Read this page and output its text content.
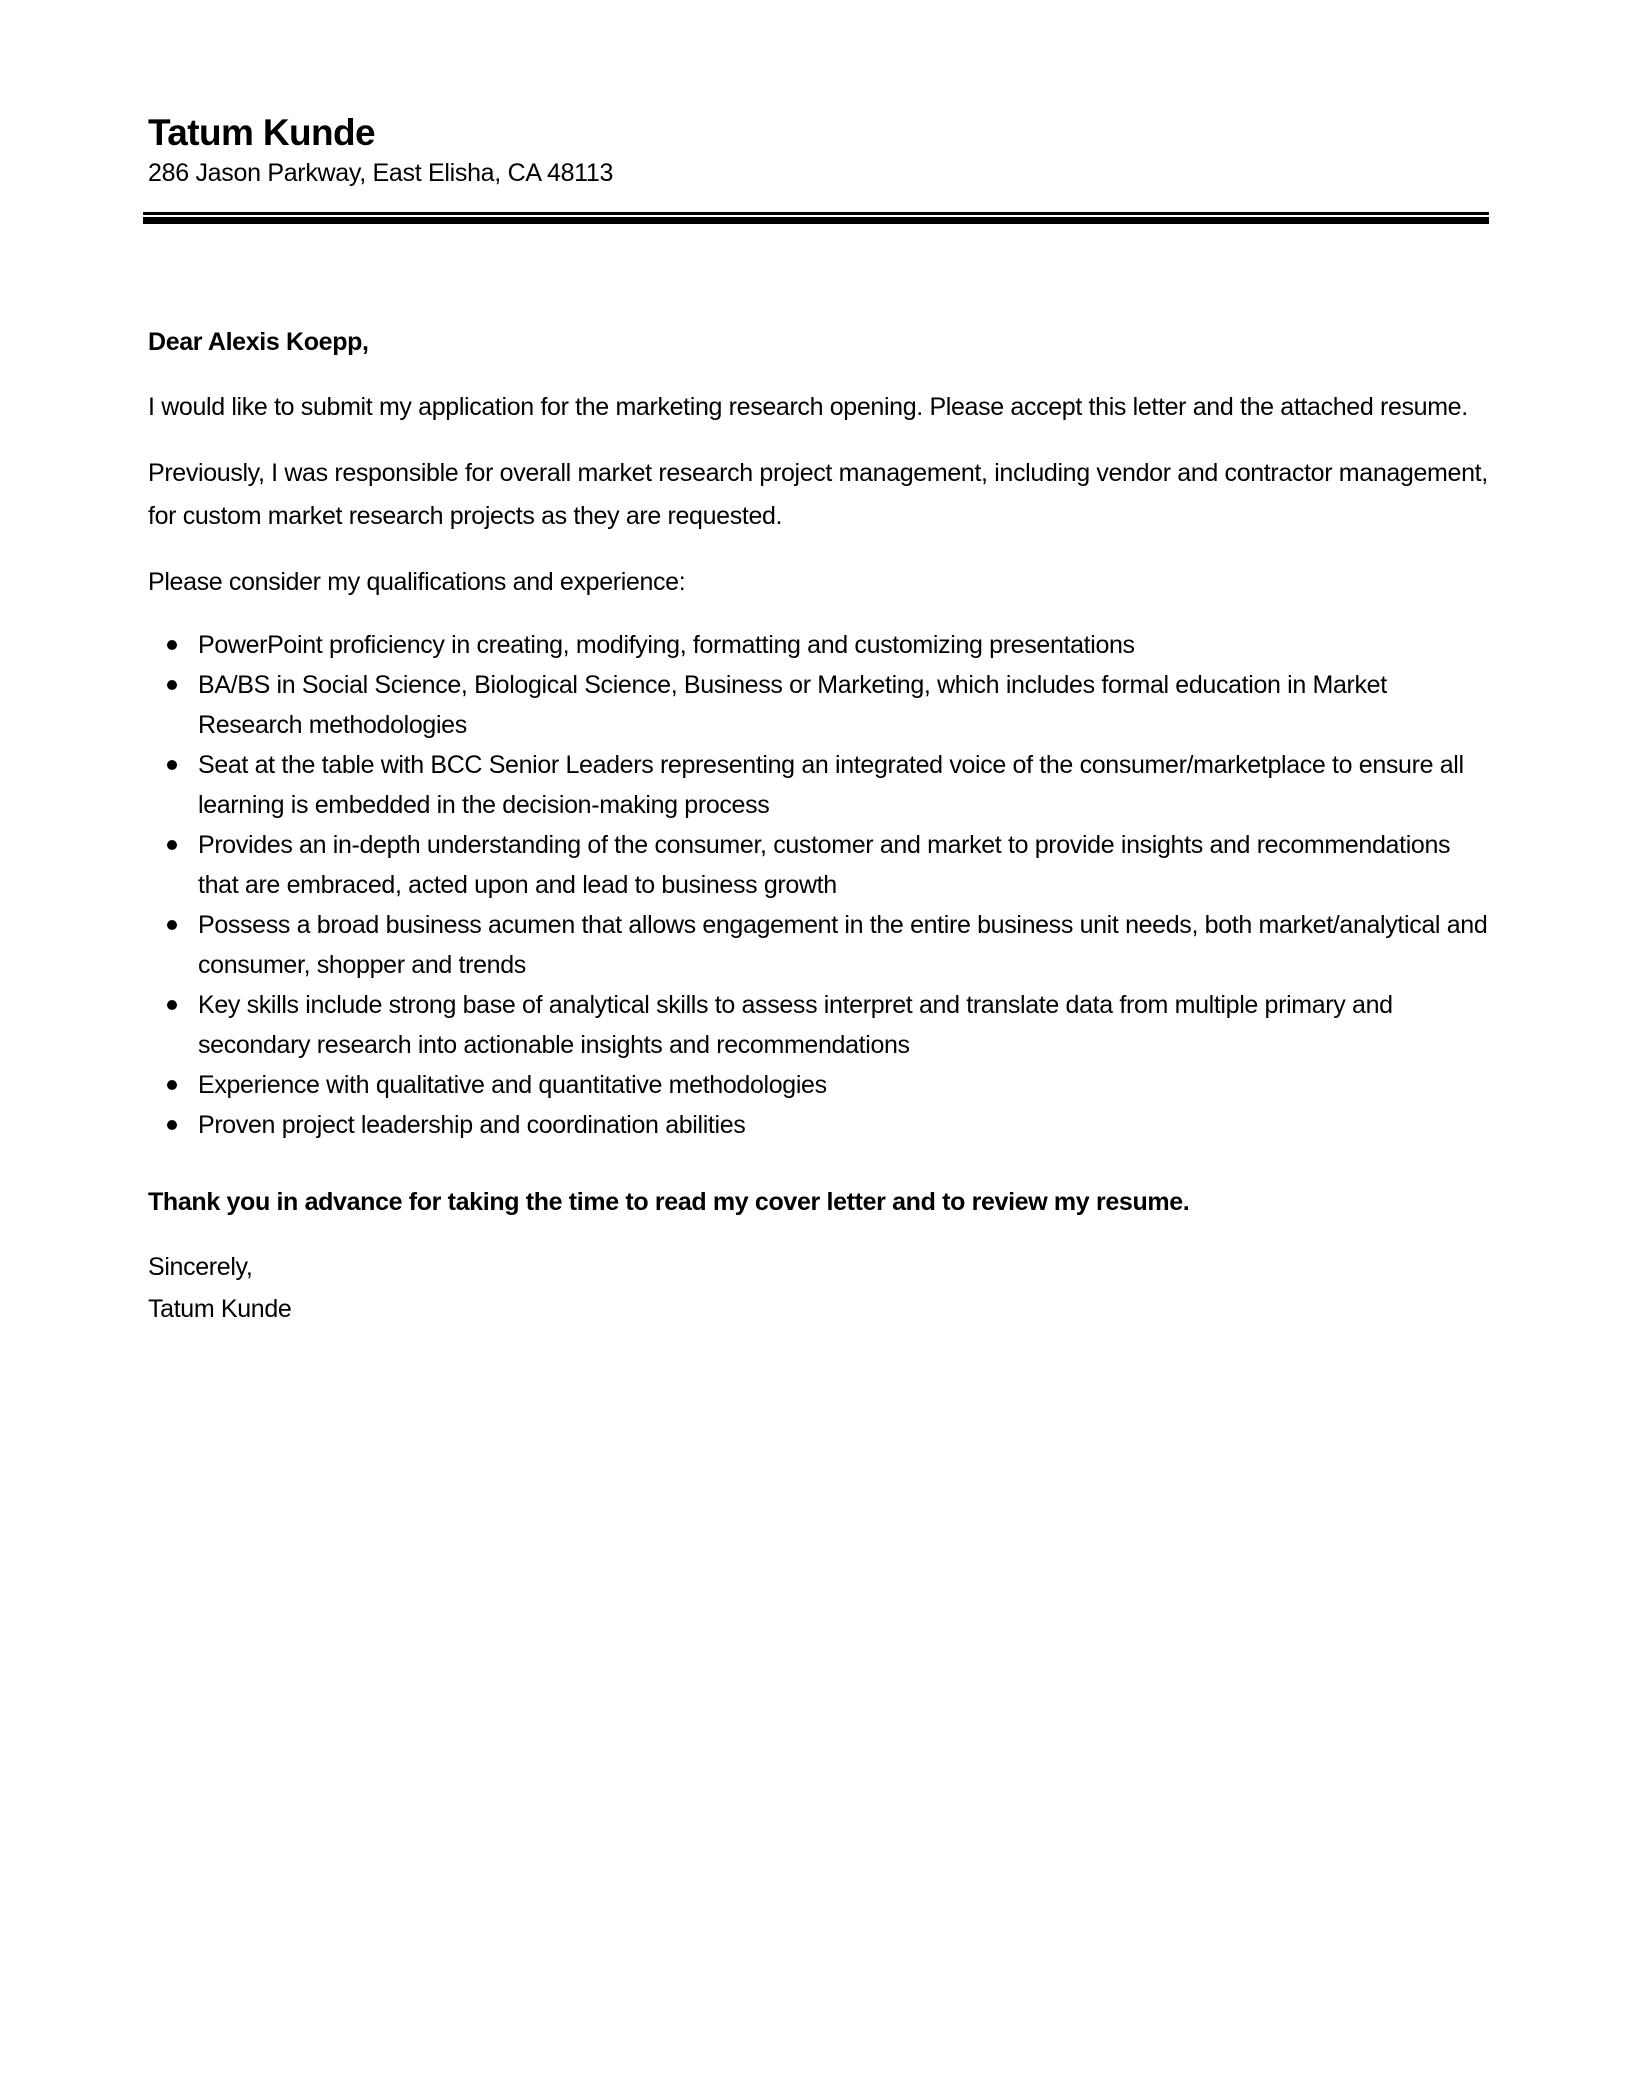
Tatum Kunde

286 Jason Parkway, East Elisha, CA 48113

Dear Alexis Koepp,

I would like to submit my application for the marketing research opening. Please accept this letter and the attached resume.

Previously, I was responsible for overall market research project management, including vendor and contractor management, for custom market research projects as they are requested.

Please consider my qualifications and experience:

PowerPoint proficiency in creating, modifying, formatting and customizing presentations
BA/BS in Social Science, Biological Science, Business or Marketing, which includes formal education in Market Research methodologies
Seat at the table with BCC Senior Leaders representing an integrated voice of the consumer/marketplace to ensure all learning is embedded in the decision-making process
Provides an in-depth understanding of the consumer, customer and market to provide insights and recommendations that are embraced, acted upon and lead to business growth
Possess a broad business acumen that allows engagement in the entire business unit needs, both market/analytical and consumer, shopper and trends
Key skills include strong base of analytical skills to assess interpret and translate data from multiple primary and secondary research into actionable insights and recommendations
Experience with qualitative and quantitative methodologies
Proven project leadership and coordination abilities

Thank you in advance for taking the time to read my cover letter and to review my resume.

Sincerely,

Tatum Kunde
